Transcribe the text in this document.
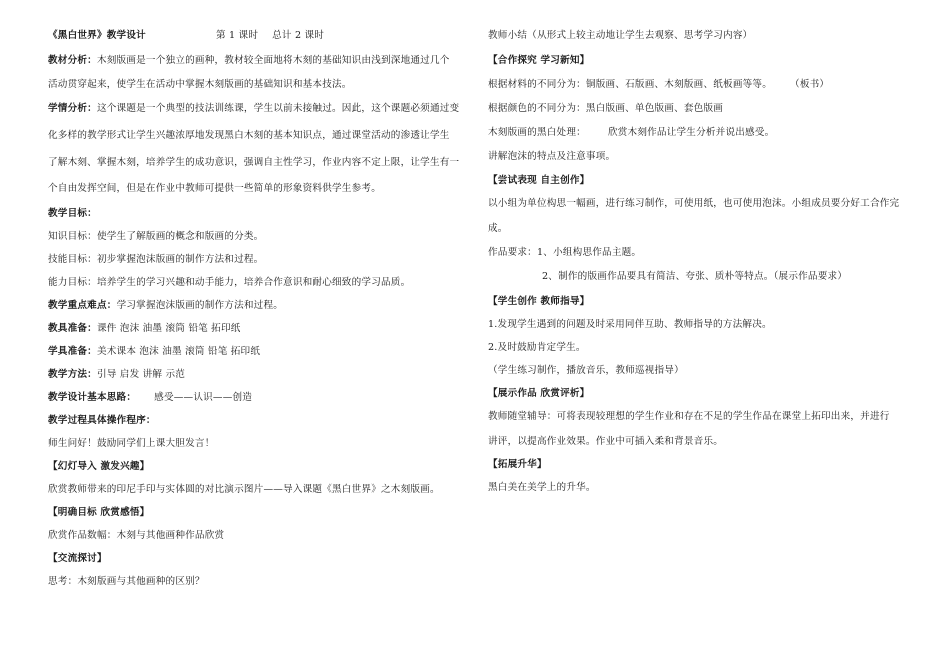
《黑白世界》教学设计	第 1 课时 总计 2 课时
教材分析：木刻版画是一个独立的画种，教材较全面地将木刻的基础知识由浅到深地通过几个
活动贯穿起来，使学生在活动中掌握木刻版画的基础知识和基本技法。
学情分析：这个课题是一个典型的技法训练课，学生以前未接触过。因此，这个课题必须通过变
化多样的教学形式让学生兴趣浓厚地发现黑白木刻的基本知识点，通过课堂活动的渗透让学生
了解木刻、掌握木刻，培养学生的成功意识，强调自主性学习，作业内容不定上限，让学生有一
个自由发挥空间，但是在作业中教师可提供一些简单的形象资料供学生参考。
教学目标：
知识目标：使学生了解版画的概念和版画的分类。
技能目标：初步掌握泡沫版画的制作方法和过程。
能力目标：培养学生的学习兴趣和动手能力，培养合作意识和耐心细致的学习品质。
教学重点难点：学习掌握泡沫版画的制作方法和过程。
教具准备：课件 泡沫 油墨 滚筒 铅笔 拓印纸
学具准备：美术课本 泡沫 油墨 滚筒 铅笔 拓印纸
教学方法：引导 启发 讲解 示范
教学设计基本思路： 感受——认识——创造
教学过程具体操作程序：
师生问好！鼓励同学们上课大胆发言！
【幻灯导入 激发兴趣】
欣赏教师带来的印尼手印与实体圆的对比演示图片——导入课题《黑白世界》之木刻版画。
【明确目标 欣赏感悟】
欣赏作品数幅：木刻与其他画种作品欣赏
【交流探讨】
思考：木刻版画与其他画种的区别？
教师小结（从形式上较主动地让学生去观察、思考学习内容）
【合作探究 学习新知】
根据材料的不同分为：铜版画、石版画、木刻版画、纸板画等等。 （板书）
根据颜色的不同分为：黑白版画、单色版画、套色版画
木刻版画的黑白处理： 欣赏木刻作品让学生分析并说出感受。
讲解泡沫的特点及注意事项。
【尝试表现 自主创作】
以小组为单位构思一幅画，进行练习制作，可使用纸，也可使用泡沫。小组成员要分好工合作完
成。
作品要求：1、小组构思作品主题。
2、制作的版画作品要具有简洁、夸张、质朴等特点。（展示作品要求）
【学生创作 教师指导】
1.发现学生遇到的问题及时采用同伴互助、教师指导的方法解决。
2.及时鼓励肯定学生。
（学生练习制作，播放音乐，教师巡视指导）
【展示作品 欣赏评析】
教师随堂辅导：可将表现较理想的学生作业和存在不足的学生作品在课堂上拓印出来，并进行
讲评，以提高作业效果。作业中可插入柔和背景音乐。
【拓展升华】
黑白美在美学上的升华。
